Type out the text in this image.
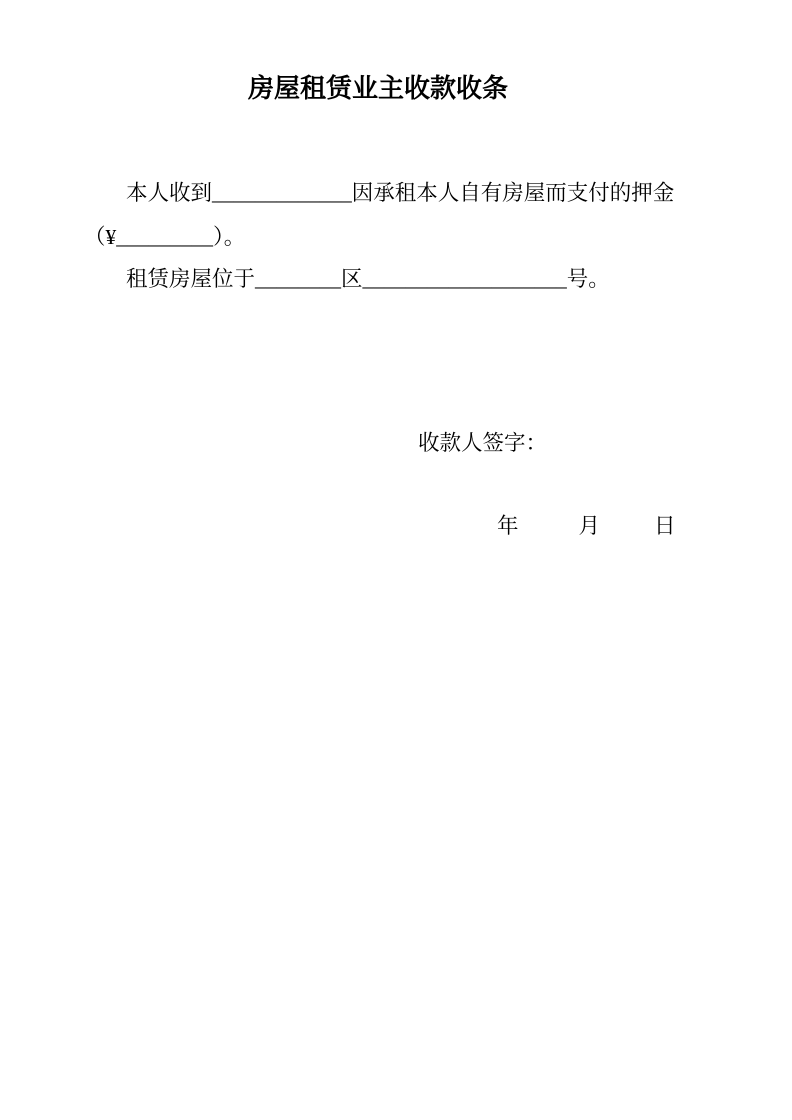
房屋租赁业主收款收条
本人收到_____________因承租本人自有房屋而支付的押金
（¥_________）。
租赁房屋位于________区___________________号。
收款人签字：
年	月	日
